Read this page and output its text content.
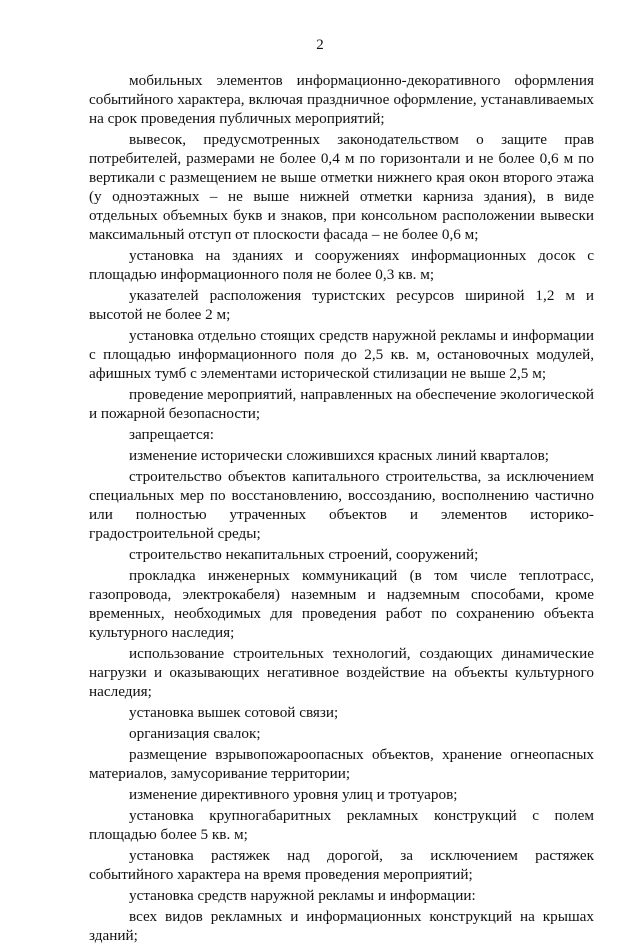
2

мобильных элементов информационно-декоративного оформления событийного характера, включая праздничное оформление, устанавливаемых на срок проведения публичных мероприятий;

вывесок, предусмотренных законодательством о защите прав потребителей, размерами не более 0,4 м по горизонтали и не более 0,6 м по вертикали с размещением не выше отметки нижнего края окон второго этажа (у одноэтажных – не выше нижней отметки карниза здания), в виде отдельных объемных букв и знаков, при консольном расположении вывески максимальный отступ от плоскости фасада – не более 0,6 м;

установка на зданиях и сооружениях информационных досок с площадью информационного поля не более 0,3 кв. м;

указателей расположения туристских ресурсов шириной 1,2 м и высотой не более 2 м;

установка отдельно стоящих средств наружной рекламы и информации с площадью информационного поля до 2,5 кв. м, остановочных модулей, афишных тумб с элементами исторической стилизации не выше 2,5 м;

проведение мероприятий, направленных на обеспечение экологической и пожарной безопасности;

запрещается:

изменение исторически сложившихся красных линий кварталов;

строительство объектов капитального строительства, за исключением специальных мер по восстановлению, воссозданию, восполнению частично или полностью утраченных объектов и элементов историко-градостроительной среды;

строительство некапитальных строений, сооружений;

прокладка инженерных коммуникаций (в том числе теплотрасс, газопровода, электрокабеля) наземным и надземным способами, кроме временных, необходимых для проведения работ по сохранению объекта культурного наследия;

использование строительных технологий, создающих динамические нагрузки и оказывающих негативное воздействие на объекты культурного наследия;

установка вышек сотовой связи;

организация свалок;

размещение взрывопожароопасных объектов, хранение огнеопасных материалов, замусоривание территории;

изменение директивного уровня улиц и тротуаров;

установка крупногабаритных рекламных конструкций с полем площадью более 5 кв. м;

установка растяжек над дорогой, за исключением растяжек событийного характера на время проведения мероприятий;

установка средств наружной рекламы и информации:

всех видов рекламных и информационных конструкций на крышах зданий;
